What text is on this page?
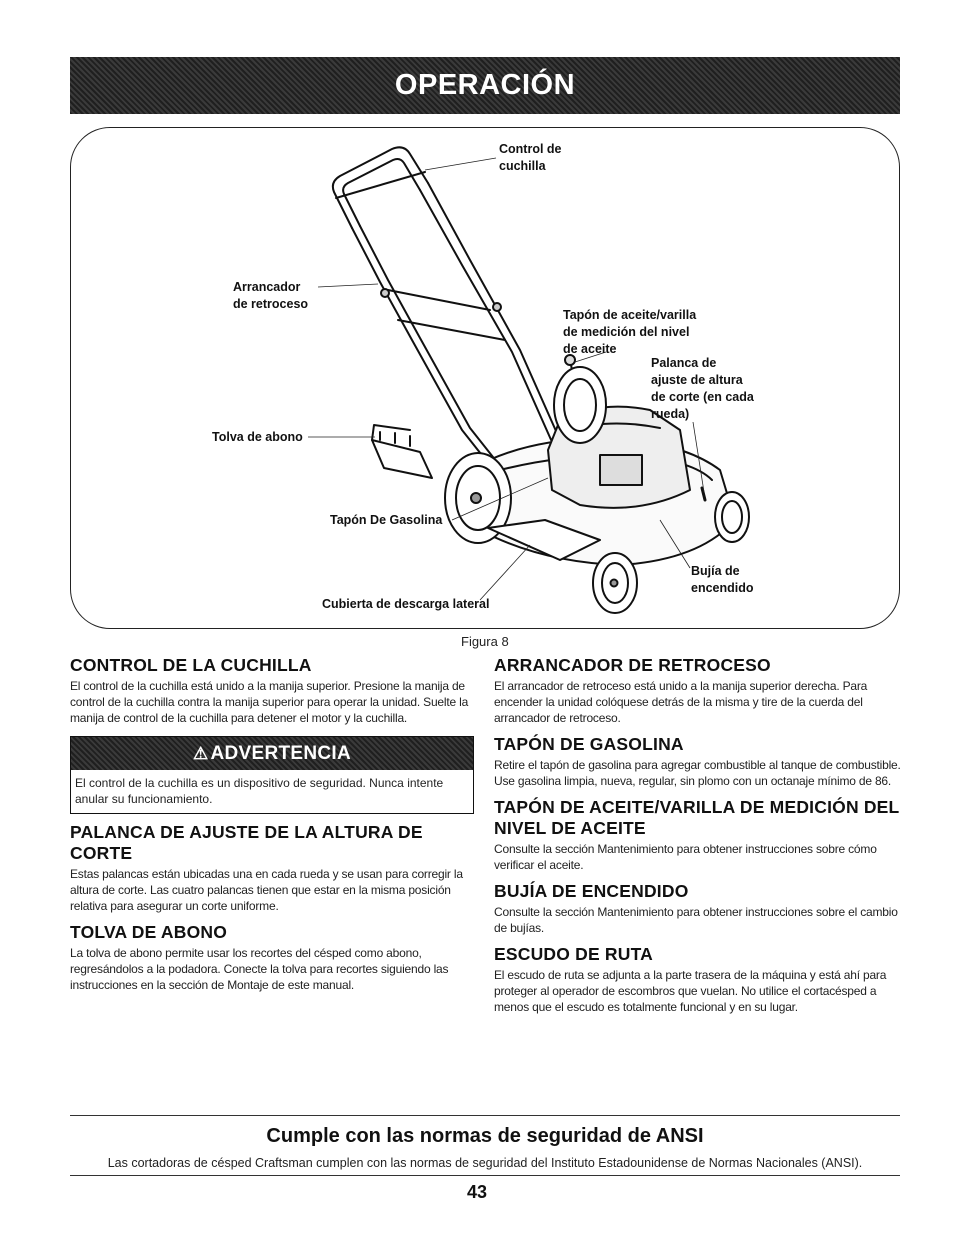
OPERACIÓN
Control de
cuchilla
Arrancador
de retroceso
Tapón de aceite/varilla
de medición del nivel
de aceite
Palanca de
ajuste de altura
de corte (en cada
rueda)
Tolva de abono
Tapón De Gasolina
Bujía de
encendido
Cubierta de descarga lateral
Figura 8
CONTROL DE LA CUCHILLA

El control de la cuchilla está unido a la manija superior. Presione la manija de control de la cuchilla contra la manija superior para operar la unidad. Suelte la manija de control de la cuchilla para detener el motor y la cuchilla.

⚠ ADVERTENCIA
El control de la cuchilla es un dispositivo de seguridad. Nunca intente anular su funcionamiento.
PALANCA DE AJUSTE DE LA ALTURA DE CORTE

Estas palancas están ubicadas una en cada rueda y se usan para corregir la altura de corte. Las cuatro palancas tienen que estar en la misma posición relativa para asegurar un corte uniforme.

TOLVA DE ABONO

La tolva de abono permite usar los recortes del césped como abono, regresándolos a la podadora. Conecte la tolva para recortes siguiendo las instrucciones en la sección de Montaje de este manual.

ARRANCADOR DE RETROCESO

El arrancador de retroceso está unido a la manija superior derecha. Para encender la unidad colóquese detrás de la misma y tire de la cuerda del arrancador de retroceso.

TAPÓN DE GASOLINA

Retire el tapón de gasolina para agregar combustible al tanque de combustible. Use gasolina limpia, nueva, regular, sin plomo con un octanaje mínimo de 86.

TAPÓN DE ACEITE/VARILLA DE MEDICIÓN DEL NIVEL DE ACEITE

Consulte la sección Mantenimiento para obtener instrucciones sobre cómo verificar el aceite.

BUJÍA DE ENCENDIDO

Consulte la sección Mantenimiento para obtener instrucciones sobre el cambio de bujías.

ESCUDO DE RUTA

El escudo de ruta se adjunta a la parte trasera de la máquina y está ahí para proteger al operador de escombros que vuelan. No utilice el cortacésped a menos que el escudo es totalmente funcional y en su lugar.

Cumple con las normas de seguridad de ANSI
Las cortadoras de césped Craftsman cumplen con las normas de seguridad del Instituto Estadounidense de Normas Nacionales (ANSI).
43
